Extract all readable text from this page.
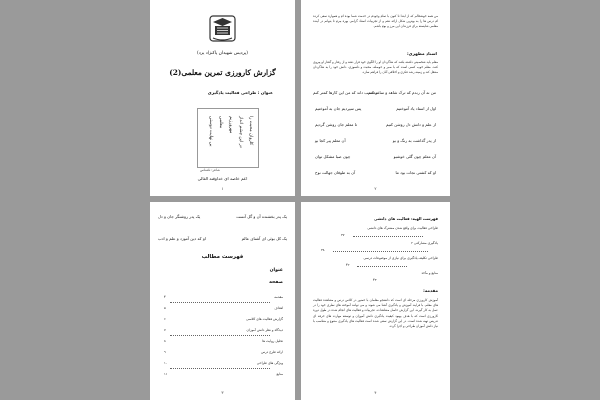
(پردیس شهیدان پاکنژاد یزد)
گزارش کارورزی تمرین معلمی(2)
عنوان : طراحی فعالیت یادگیری
کاروان محبت را
در این چشم انداز
مهرورزیم
معلمی
بی نهایت دوستی
شاعر: ناشناس
اعم خاصه ای خداوقته الغالی
۱
من همه خوشحالم که از ابتدا تا کنون با تمام وجودم در خدمت شما بوده ام و همواره سعی کرده ام درس ها را به بهترین شکل ارائه دهم و از تجربیات استاد گرامی بهره ببرم تا بتوانم در آینده معلمی شایسته برای فرزندان این مرز و بوم باشم.
استاد مطهری:
معلم باید شخصیتی داشته باشد که شاگردان او را الگوی خود قرار دهند و از رفتار و گفتار او پیروی کنند. معلم خوب کسی است که با صبر و حوصله، محبت و دلسوزی، دانش خود را به شاگردان منتقل کند و زمینه رشد فکری و اخلاقی آنان را فراهم سازد.
من نه آن رندم که ترک شاهد و ساغر کنم
محتسب داند که من این کارها کمتر کنم
اول از استاد یاد آموختیم
پس سپردیم جان به آموختیم
از علم و دانش دل روشن کنیم
تا معلم جان روشن گردیم
از پدر گذاشت به رنگ و بو
آن معلم پیر کجا بو
آن معلم چون گلی خوشبو
چون صبا مشکل توان
او که کشتی نجات بود ما
آن به طوفان جهالت نوح
۲
یک پدر بخشنده آن و گل آنست
یک پدر روشنگر جان و دل
یک کل بوئی ای آشنای عالم
او که دین آموزد و علم و ادب
فهرست مطالب
عنوان
صفحه
مقدمه
۴
اهداف
۵
گزارش فعالیت های کلاسی
۶
دیدگاه و نظر دانش آموزان
۷
تحلیل روایت ها
۸
ارائه طرح درس
۹
ویژگی های طراحی
۱۰
منابع
۱۱
۳
فهرست الهیه: فعالیت های دانشی
طراحی فعالیت برای واقع شدن مشترک های دانشی
۳۷
یادگیری مشارکتی ۲
۳۸
طراحی تکلیف یادگیری برای نیازی از موضوعات درسی
۴۲
منابع و مآخذ
۴۳
مقدمه:
آموزش کارورزی مرحله ای است که دانشجو معلمان با حضور در کلاس درس و مشاهده فعالیت های معلم، با فرایند آموزش و یادگیری آشنا می شوند و می توانند آموخته های نظری خود را در عمل به کار گیرند. این گزارش حاصل مشاهدات، تجربیات و فعالیت های انجام شده در طول دوره کارورزی است که با هدف بهبود کیفیت یادگیری دانش آموزان و توسعه مهارت های حرفه ای تدریس تهیه شده است. در این گزارش سعی شده است فعالیت های یادگیری متنوع و متناسب با نیاز دانش آموزان طراحی و اجرا گردد.
۴
